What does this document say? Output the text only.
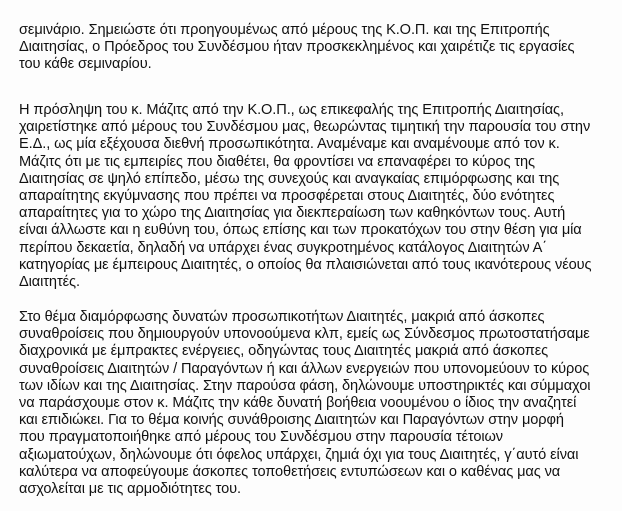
σεμινάριο. Σημειώστε ότι προηγουμένως από μέρους της Κ.Ο.Π. και της Επιτροπής
Διαιτησίας, ο Πρόεδρος του Συνδέσμου ήταν προσκεκλημένος και χαιρέτιζε τις εργασίες
του κάθε σεμιναρίου.
Η πρόσληψη του κ. Μάζιτς από την Κ.Ο.Π., ως επικεφαλής της Επιτροπής Διαιτησίας,
χαιρετίστηκε από μέρους του Συνδέσμου μας, θεωρώντας τιμητική την παρουσία του στην
Ε.Δ., ως μία εξέχουσα διεθνή προσωπικότητα. Αναμέναμε και αναμένουμε από τον κ.
Μάζιτς ότι με τις εμπειρίες που διαθέτει, θα φροντίσει να επαναφέρει το κύρος της
Διαιτησίας σε ψηλό επίπεδο, μέσω της συνεχούς και αναγκαίας επιμόρφωσης και της
απαραίτητης εκγύμνασης που πρέπει να προσφέρεται στους Διαιτητές, δύο ενότητες
απαραίτητες για το χώρο της Διαιτησίας για διεκπεραίωση των καθηκόντων τους. Αυτή
είναι άλλωστε και η ευθύνη του, όπως επίσης και των προκατόχων του στην θέση για μία
περίπου δεκαετία, δηλαδή να υπάρχει ένας συγκροτημένος κατάλογος Διαιτητών Α΄
κατηγορίας με έμπειρους Διαιτητές, ο οποίος θα πλαισιώνεται από τους ικανότερους νέους
Διαιτητές.
Στο θέμα διαμόρφωσης δυνατών προσωπικοτήτων Διαιτητές, μακριά από άσκοπες
συναθροίσεις που δημιουργούν υπονοούμενα κλπ, εμείς ως Σύνδεσμος πρωτοστατήσαμε
διαχρονικά με έμπρακτες ενέργειες, οδηγώντας τους Διαιτητές μακριά από άσκοπες
συναθροίσεις Διαιτητών / Παραγόντων ή και άλλων ενεργειών που υπονομεύουν το κύρος
των ιδίων και της Διαιτησίας. Στην παρούσα φάση, δηλώνουμε υποστηρικτές και σύμμαχοι
να παράσχουμε στον κ. Μάζιτς την κάθε δυνατή βοήθεια νοουμένου ο ίδιος την αναζητεί
και επιδιώκει. Για το θέμα κοινής συνάθροισης Διαιτητών και Παραγόντων στην μορφή
που πραγματοποιήθηκε από μέρους του Συνδέσμου στην παρουσία τέτοιων
αξιωματούχων, δηλώνουμε ότι όφελος υπάρχει, ζημιά όχι για τους Διαιτητές, γ΄αυτό είναι
καλύτερα να αποφεύγουμε άσκοπες τοποθετήσεις εντυπώσεων και ο καθένας μας να
ασχολείται με τις αρμοδιότητες του.
